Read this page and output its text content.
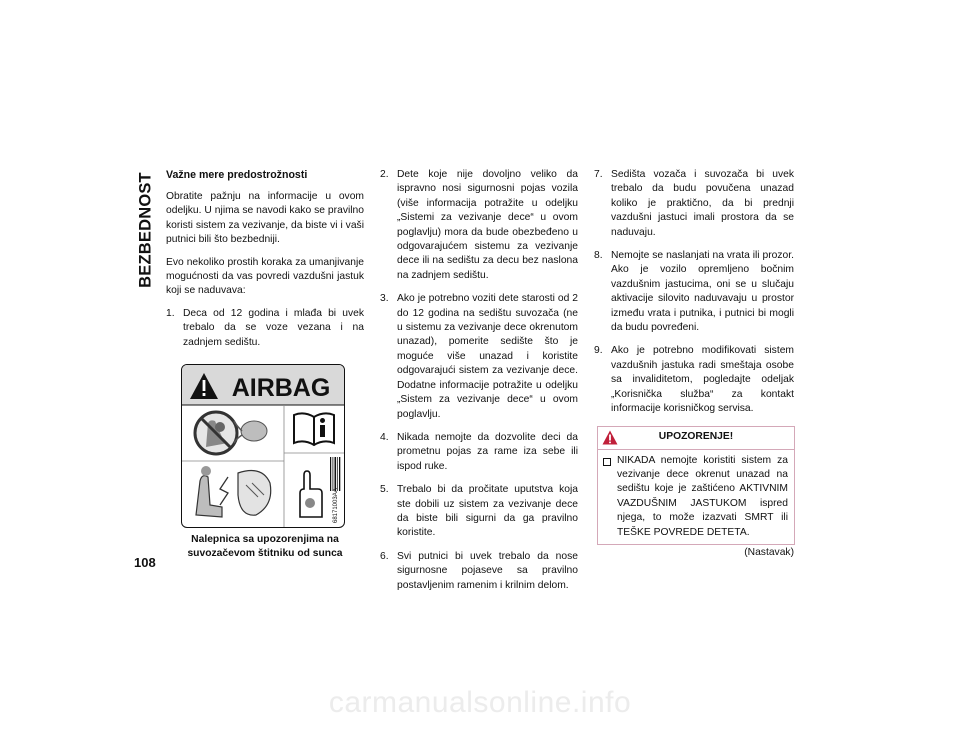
BEZBEDNOST Važne mere predostrožnosti

Obratite pažnju na informacije u ovom odeljku. U njima se navodi kako se pravilno koristi sistem za vezivanje, da biste vi i vaši putnici bili što bezbedniji.

Evo nekoliko prostih koraka za umanjivanje mogućnosti da vas povredi vazdušni jastuk koji se naduvava:

1. Deca od 12 godina i mlađa bi uvek trebalo da se voze vezana i na zadnjem sedištu.
AIRBAG
68171003AA
Nalepnica sa upozorenjima na suvozačevom štitniku od sunca
2. Dete koje nije dovoljno veliko da ispravno nosi sigurnosni pojas vozila (više informacija potražite u odeljku „Sistemi za vezivanje dece“ u ovom poglavlju) mora da bude obezbeđeno u odgovarajućem sistemu za vezivanje dece ili na sedištu za decu bez naslona na zadnjem sedištu.
3. Ako je potrebno voziti dete starosti od 2 do 12 godina na sedištu suvozača (ne u sistemu za vezivanje dece okrenutom unazad), pomerite sedište što je moguće više unazad i koristite odgovarajući sistem za vezivanje dece. Dodatne informacije potražite u odeljku „Sistem za vezivanje dece“ u ovom poglavlju.
4. Nikada nemojte da dozvolite deci da prometnu pojas za rame iza sebe ili ispod ruke.
5. Trebalo bi da pročitate uputstva koja ste dobili uz sistem za vezivanje dece da biste bili sigurni da ga pravilno koristite.
6. Svi putnici bi uvek trebalo da nose sigurnosne pojaseve sa pravilno postavljenim ramenim i krilnim delom.
7. Sedišta vozača i suvozača bi uvek trebalo da budu povučena unazad koliko je praktično, da bi prednji vazdušni jastuci imali prostora da se naduvaju.
8. Nemojte se naslanjati na vrata ili prozor. Ako je vozilo opremljeno bočnim vazdušnim jastucima, oni se u slučaju aktivacije silovito naduvavaju u prostor između vrata i putnika, i putnici bi mogli da budu povređeni.
9. Ako je potrebno modifikovati sistem vazdušnih jastuka radi smeštaja osobe sa invaliditetom, pogledajte odeljak „Korisnička služba“ za kontakt informacije korisničkog servisa.
UPOZORENJE!
NIKADA nemojte koristiti sistem za vezivanje dece okrenut unazad na sedištu koje je zaštićeno AKTIVNIM VAZDUŠNIM JASTUKOM ispred njega, to može izazvati SMRT ili TEŠKE POVREDE DETETA.
(Nastavak)
108
carmanualsonline.info
